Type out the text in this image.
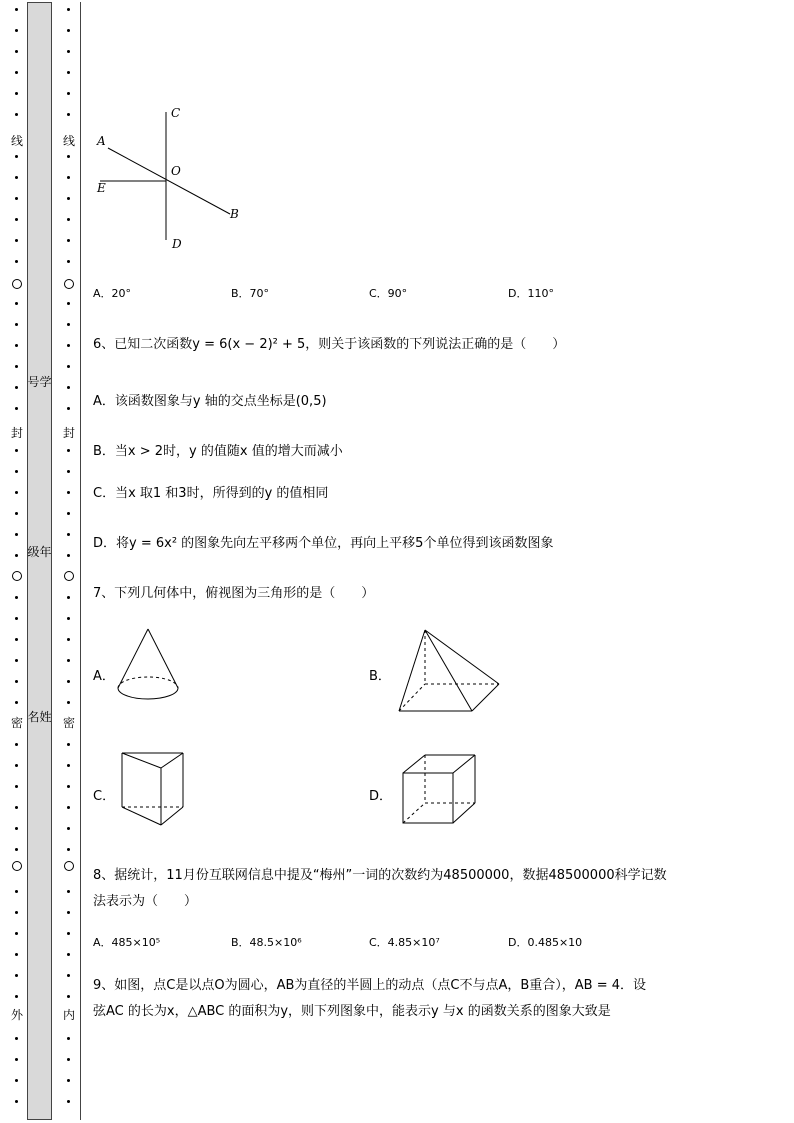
线
封
密
外
线
封
密
内
号学
级年
名姓
C
A
O
E
B
D
A．20°	B．70°	C．90°	D．110°
6、已知二次函数y = 6(x − 2)² + 5，则关于该函数的下列说法正确的是（　　）
A．该函数图象与y 轴的交点坐标是(0,5)
B．当x > 2时，y 的值随x 值的增大而减小
C．当x 取1 和3时，所得到的y 的值相同
D．将y = 6x² 的图象先向左平移两个单位，再向上平移5个单位得到该函数图象
7、下列几何体中，俯视图为三角形的是（　　）
A．	B．
C．	D．
8、据统计，11月份互联网信息中提及“梅州”一词的次数约为48500000，数据48500000科学记数
法表示为（　　）
A．485×10⁵	B．48.5×10⁶	C．4.85×10⁷	D．0.485×10
9、如图，点C是以点O为圆心，AB为直径的半圆上的动点（点C不与点A，B重合），AB = 4．设
弦AC 的长为x，△ABC 的面积为y，则下列图象中，能表示y 与x 的函数关系的图象大致是
